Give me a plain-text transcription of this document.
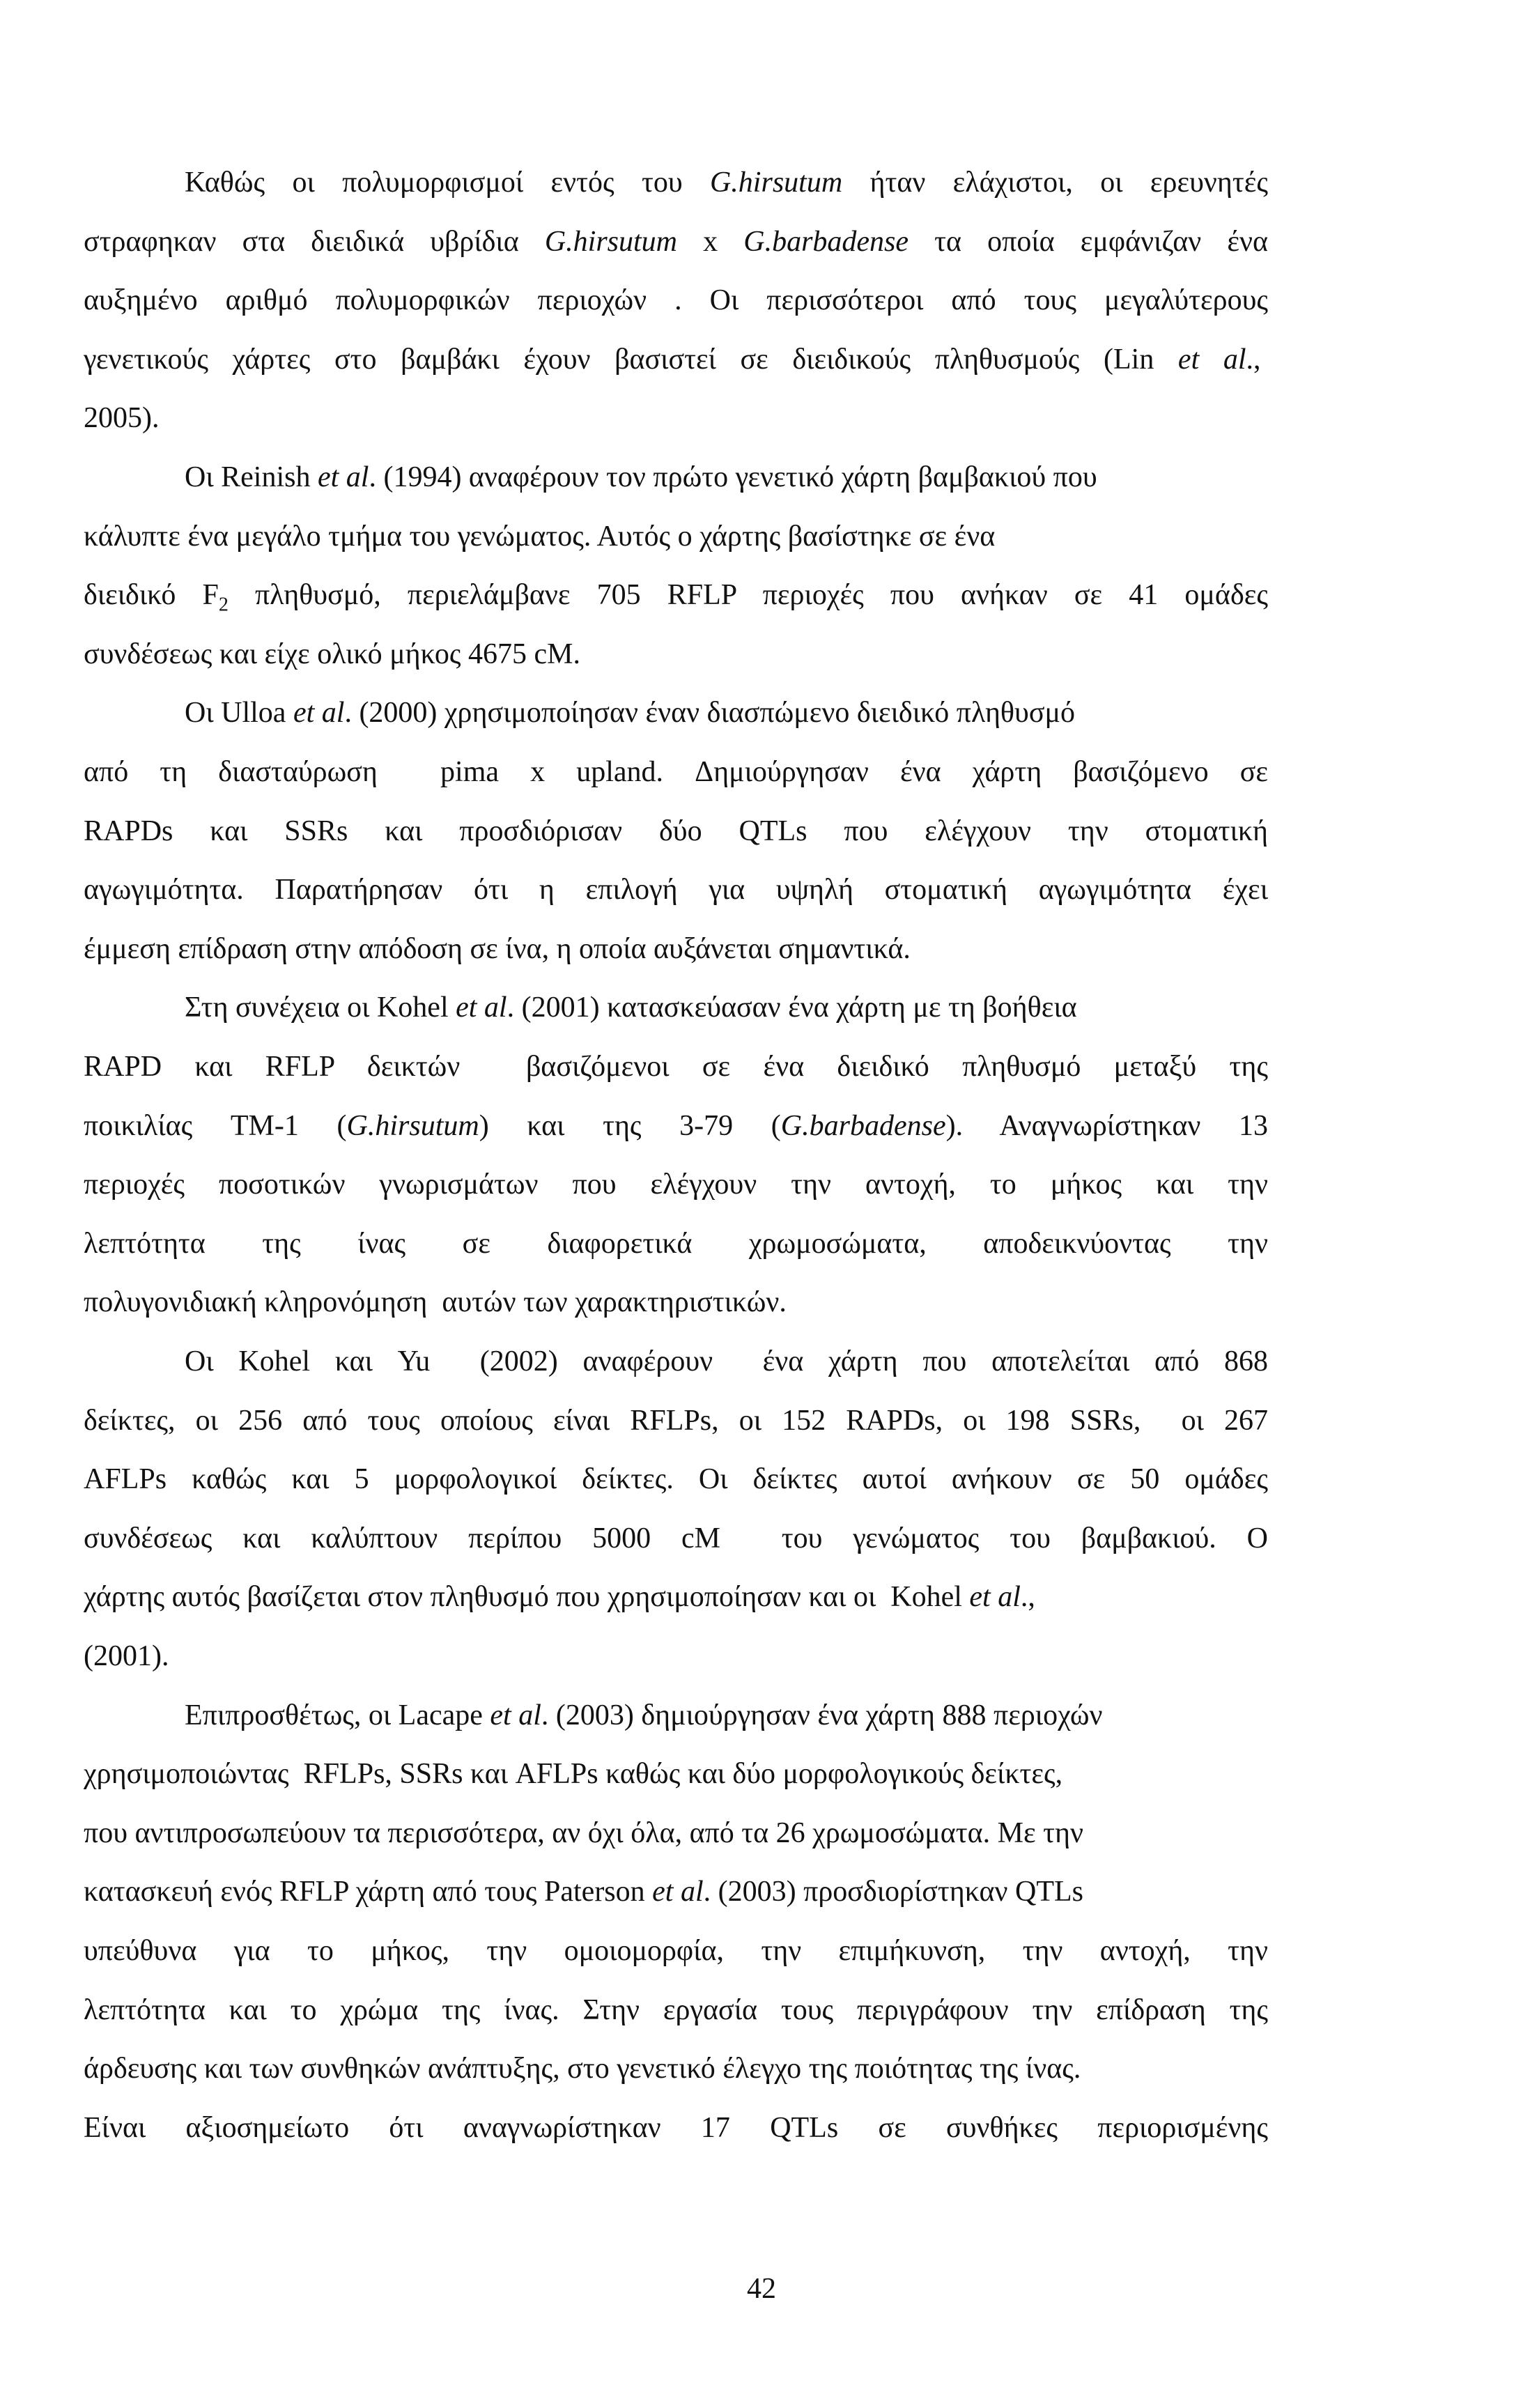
Καθώς οι πολυμορφισμοί εντός του G.hirsutum ήταν ελάχιστοι, οι ερευνητές
στραφηκαν στα διειδικά υβρίδια G.hirsutum x G.barbadense τα οποία εμφάνιζαν ένα
αυξημένο αριθμό πολυμορφικών περιοχών . Οι περισσότεροι από τους μεγαλύτερους
γενετικούς χάρτες στο βαμβάκι έχουν βασιστεί σε διειδικούς πληθυσμούς (Lin et al.,
2005).
Οι Reinish et al. (1994) αναφέρουν τον πρώτο γενετικό χάρτη βαμβακιού που
κάλυπτε ένα μεγάλο τμήμα του γενώματος. Αυτός ο χάρτης βασίστηκε σε ένα
διειδικό $F_2$ πληθυσμό, περιελάμβανε 705 RFLP περιοχές που ανήκαν σε 41 ομάδες
συνδέσεως και είχε ολικό μήκος 4675 cM.
Οι Ulloa et al. (2000) χρησιμοποίησαν έναν διασπώμενο διειδικό πληθυσμό
από τη διασταύρωση  pima x upland. Δημιούργησαν ένα χάρτη βασιζόμενο σε
RAPDs και SSRs και προσδιόρισαν δύο QTLs που ελέγχουν την στοματική
αγωγιμότητα. Παρατήρησαν ότι η επιλογή για υψηλή στοματική αγωγιμότητα έχει
έμμεση επίδραση στην απόδοση σε ίνα, η οποία αυξάνεται σημαντικά.
Στη συνέχεια οι Kohel et al. (2001) κατασκεύασαν ένα χάρτη με τη βοήθεια
RAPD και RFLP δεικτών  βασιζόμενοι σε ένα διειδικό πληθυσμό μεταξύ της
ποικιλίας TM-1 (G.hirsutum) και της 3-79 (G.barbadense). Αναγνωρίστηκαν 13
περιοχές ποσοτικών γνωρισμάτων που ελέγχουν την αντοχή, το μήκος και την
λεπτότητα της ίνας σε διαφορετικά χρωμοσώματα, αποδεικνύοντας την
πολυγονιδιακή κληρονόμηση  αυτών των χαρακτηριστικών.
Οι Kohel και Yu  (2002) αναφέρουν  ένα χάρτη που αποτελείται από 868
δείκτες, οι 256 από τους οποίους είναι RFLPs, οι 152 RAPDs, οι 198 SSRs,  οι 267
AFLPs καθώς και 5 μορφολογικοί δείκτες. Οι δείκτες αυτοί ανήκουν σε 50 ομάδες
συνδέσεως και καλύπτουν περίπου 5000 cM  του γενώματος του βαμβακιού. Ο
χάρτης αυτός βασίζεται στον πληθυσμό που χρησιμοποίησαν και οι  Kohel et al.,
(2001).
Επιπροσθέτως, οι Lacape et al. (2003) δημιούργησαν ένα χάρτη 888 περιοχών
χρησιμοποιώντας  RFLPs, SSRs και AFLPs καθώς και δύο μορφολογικούς δείκτες,
που αντιπροσωπεύουν τα περισσότερα, αν όχι όλα, από τα 26 χρωμοσώματα. Με την
κατασκευή ενός RFLP χάρτη από τους Paterson et al. (2003) προσδιορίστηκαν QTLs
υπεύθυνα για το μήκος, την ομοιομορφία, την επιμήκυνση, την αντοχή, την
λεπτότητα και το χρώμα της ίνας. Στην εργασία τους περιγράφουν την επίδραση της
άρδευσης και των συνθηκών ανάπτυξης, στο γενετικό έλεγχο της ποιότητας της ίνας.
Είναι αξιοσημείωτο ότι αναγνωρίστηκαν 17 QTLs σε συνθήκες περιορισμένης
42
